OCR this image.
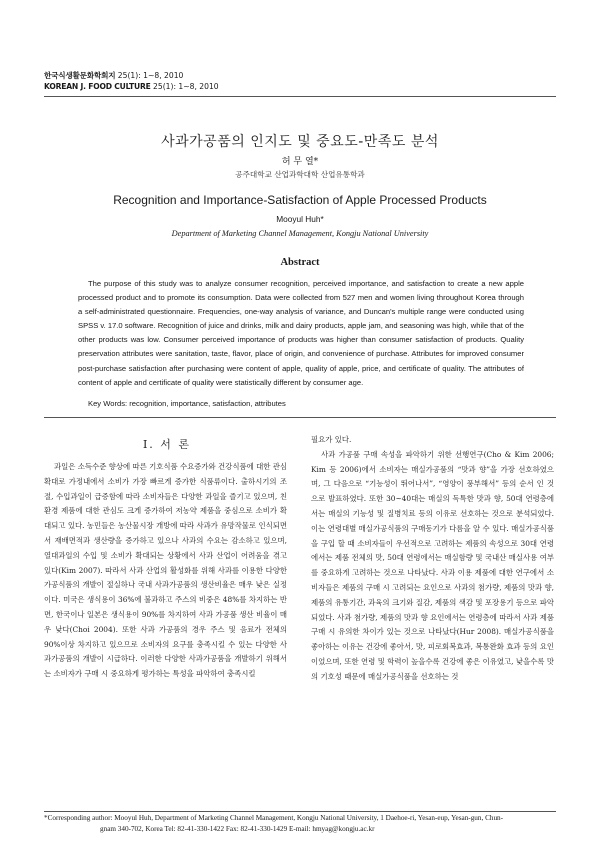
한국식생활문화학회지 25(1): 1~8, 2010
KOREAN J. FOOD CULTURE 25(1): 1~8, 2010
사과가공품의 인지도 및 중요도-만족도 분석
허 무 열*
공주대학교 산업과학대학 산업유통학과
Recognition and Importance-Satisfaction of Apple Processed Products
Mooyul Huh*
Department of Marketing Channel Management, Kongju National University
Abstract

The purpose of this study was to analyze consumer recognition, perceived importance, and satisfaction to create a new apple processed product and to promote its consumption. Data were collected from 527 men and women living throughout Korea through a self-administrated questionnaire. Frequencies, one-way analysis of variance, and Duncan's multiple range were conducted using SPSS v. 17.0 software. Recognition of juice and drinks, milk and dairy products, apple jam, and seasoning was high, while that of the other products was low. Consumer perceived importance of products was higher than consumer satisfaction of products. Quality preservation attributes were sanitation, taste, flavor, place of origin, and convenience of purchase. Attributes for improved consumer post-purchase satisfaction after purchasing were content of apple, quality of apple, price, and certificate of quality. The attributes of content of apple and certificate of quality were statistically different by consumer age.

Key Words: recognition, importance, satisfaction, attributes
I. 서 론

과일은 소득수준 향상에 따른 기호식품 수요증가와 건강식품에 대한 관심확대로 가정내에서 소비가 가장 빠르게 증가한 식품류이다. 출하시기의 조절, 수입과일이 급증함에 따라 소비자들은 다양한 과일을 즐기고 있으며, 친환경 제품에 대한 관심도 크게 증가하여 저농약 제품을 중심으로 소비가 확대되고 있다. 농민들은 농산물시장 개방에 따라 사과가 유망작물로 인식되면서 재배면적과 생산량을 증가하고 있으나 사과의 수요는 감소하고 있으며, 열대과일의 수입 및 소비가 확대되는 상황에서 사과 산업이 어려움을 겪고 있다(Kim 2007). 따라서 사과 산업의 활성화를 위해 사과를 이용한 다양한 가공식품의 개발이 절실하나 국내 사과가공품의 생산비율은 매우 낮은 실정이다. 미국은 생식용이 36%에 불과하고 주스의 비중은 48%를 차지하는 반면, 한국이나 일본은 생식용이 90%를 차지하여 사과 가공품 생산 비율이 매우 낮다(Choi 2004). 또한 사과 가공품의 경우 주스 및 음료가 전체의 90%이상 차지하고 있으므로 소비자의 요구를 충족시킬 수 있는 다양한 사과가공품의 개발이 시급하다. 이러한 다양한 사과가공품을 개발하기 위해서는 소비자가 구매 시 중요하게 평가하는 특성을 파악하여 충족시킬

필요가 있다.

사과 가공품 구매 속성을 파악하기 위한 선행연구(Cho & Kim 2006; Kim 등 2006)에서 소비자는 매실가공품의 “맛과 향”을 가장 선호하였으며, 그 다음으로 “기능성이 뛰어나서”, “영양이 풍부해서” 등의 순서 인 것으로 발표하였다. 또한 30~40대는 매실의 독특한 맛과 향, 50대 연령층에서는 매실의 기능성 및 질병치료 등의 이유로 선호하는 것으로 분석되었다. 이는 연령대별 매실가공식품의 구매동기가 다름을 알 수 있다. 매실가공식품을 구입 할 때 소비자들이 우선적으로 고려하는 제품의 속성으로 30대 연령에서는 제품 전체의 맛, 50대 연령에서는 매실함량 및 국내산 매실사용 여부를 중요하게 고려하는 것으로 나타났다. 사과 이용 제품에 대한 연구에서 소비자들은 제품의 구매 시 고려되는 요인으로 사과의 첨가량, 제품의 맛과 향, 제품의 유통기간, 과육의 크기와 질감, 제품의 색감 및 포장용기 등으로 파악되었다. 사과 첨가량, 제품의 맛과 향 요인에서는 연령층에 따라서 사과 제품 구매 시 유의한 차이가 있는 것으로 나타났다(Hur 2008). 매실가공식품을 좋아하는 이유는 건강에 좋아서, 맛, 피로회복효과, 복통완화 효과 등의 요인이었으며, 또한 연령 및 학력이 높을수록 건강에 좋은 이유였고, 낮을수록 맛의 기호성 때문에 매실가공식품을 선호하는 것

*Corresponding author: Mooyul Huh, Department of Marketing Channel Management, Kongju National University, 1 Daehoe-ri, Yesan-eup, Yesan-gun, Chun-
gnam 340-702, Korea Tel: 82-41-330-1422 Fax: 82-41-330-1429 E-mail: hmyag@kongju.ac.kr
